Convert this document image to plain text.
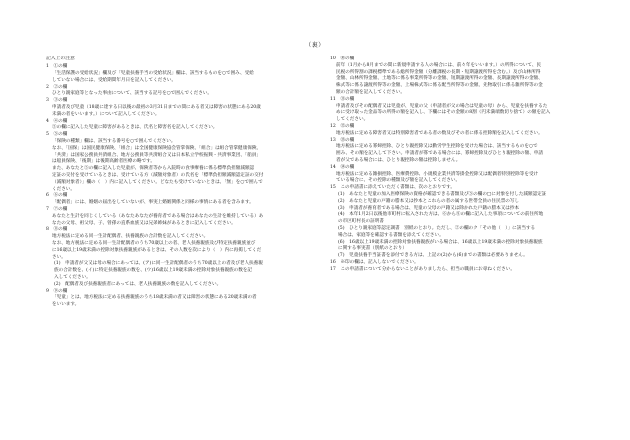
（裏）

記入上の注意

1　①の欄

「生活保護の受給状況」欄及び「児童扶養手当の受給状況」欄は、該当するものを○で囲み、受給

していない場合には、受給期間年月日を記入してください。

2　②の欄

ひとり親家庭等となった事由について、該当する記号を○で囲んでください。

3　③の欄

申請者及び児童（18歳に達する日以後の最初の3月31日までの間にある者又は障害の状態にある20歳

未満の者をいいます。）について記入してください。

4　④の欄

⑤の欄に記入した児童に障害があるときは、氏名と障害名を記入してください。

5　⑤の欄

「保険の種類」欄は、該当する番号を○で囲んでください。

なお、「国保」は国民健康保険、「組合」は全国健康保険協会管掌保険、「組合」は組合管掌健康保険、

「共済」は国家公務員共済組合、地方公務員等共済組合又は日本私立学校振興・共済事業団、「船員」

は船員保険、「後期」は後期高齢者医療の略です。

また、あなたと⑤の欄に記入した児童が、保険者等から入院時の食事療養に係る標準負担額減額認

定証の交付を受けているときは、受けている方（減額対象者）の氏名を「標準負担額減額認定証の交付

（減額対象者）」欄の（　）内に記入してください。どなたも受けていないときは、「無」を○で囲んで

ください。

6　⑥の欄

「配偶者」には、婚姻の届出をしていないが、事実上婚姻関係と同様の事情にある者を含みます。

7　⑦の欄

あなたと生計を同じくしている（あなたあなたが養育者である場合はあなたの生計を維持している）あ

なたの父母、祖父母、子、曾孫の直系血族又は兄弟姉妹があるときに記入してください。

8　⑧の欄

地方税法に定める同一生計配偶者、扶養親族の合計数を記入してください。

なお、地方税法に定める同一生計配偶者のうち70歳以上の者、老人扶養親族及び特定扶養親族並び

に16歳以上19歳未満の控除対象扶養親族があるときは、その人数を次により（　）内に再掲してくだ

さい。

(1)　申請者が父又は母の場合にあっては、(ア)に同一生計配偶者のうち70歳以上の者及び老人扶養親

族の合計数を、(イ)に特定扶養親族の数を、(ウ)16歳以上19歳未満の控除対象扶養親族の数を記

入してください。

(2)　配偶者及び扶養親族者にあっては、老人扶養親族の数を記入してください。

9　⑨の欄

「児童」とは、地方税法に定める扶養親族のうち18歳未満の者又は障害の状態にある20歳未満の者

をいいます。

10　⑩の欄

前年（1月から8月までの間に新規申請する人の場合には、前々年をいいます。）の所得について、民

民税の所得割の課税標準である総所得金額（分離課税の長期・短期譲渡所得を含む。）及び山林所得

金額、山林所得金額、土地等に係る事業所得等の金額、短期譲渡所得の金額、長期譲渡所得の金額、

株式等に係る譲渡所得等の金額、上場株式等に係る配当所得等の金額、先物取引に係る雑所得等の金

額の合計額を記入してください。

11　⑪の欄

申請者及びその配偶者又は児童が、児童の父（申請者が父の場合は児童の母）から、児童を扶養するた

めに受け取った金品等の所得の額を記入し、下欄にはその金額の8割（円未満端数切り捨て）の額を記入

してください。

12　⑫の欄

地方税法に定める障害者又は特別障害者である者の数及びその者に係る控除額を記入してください。

13　⑬の欄

地方税法に定める寡婦控除、ひとり親控除又は勤労学生控除を受けた場合は、該当するものを○で

囲み、その額を記入して下さい。申請者が寡である場合には、寡婦控除及びひとり親控除の額、申請

者が父である場合には、ひとり親控除の額は控除しません。

14　⑭の欄

地方税法に定める雑損控除、医療費控除、小規模企業共済等掛金控除又は配偶者特別控除等を受け

ている場合に、その控除の種類及び額を記入してください。

15　この申請書に添えていただく書類は、次のとおりです。

(1)　あなたと児童の加入医療保険の資格が確認できる書類及び⑤の欄の□に対象を付した減額認定証

(2)　あなたと児童の戸籍の謄本又は抄本とこれらの者の属する世帯全員の住民票の写し

(3)　申請者が養育者である場合は、児童の父母の戸籍又は除かれた戸籍の謄本又は抄本

(4)　本年1月2日以後他市町村に転入された方は、⑥から⑧の欄に記入した事項についての前住所地

の市区町村長の証明書

(5)　ひとり親家庭等認定調書　別紙のとおり。ただし、②の欄のク「その他（　）」に該当する

場合は、家庭等を確認する書類を添えてください。

(6)　16歳以上19歳未満の控除対象扶養親族がいる場合は、16歳以上19歳未満の控除対象扶養親族

に関する事実書（別紙のとおり）

(7)　児童扶養手当証書を添付できる方は、上記の(2)から(6)までの書類は必要ありません。

16　※印の欄は、記入しないでください。

17　この申請書について分からないことがありましたら、担当の職員にお尋ねください。
